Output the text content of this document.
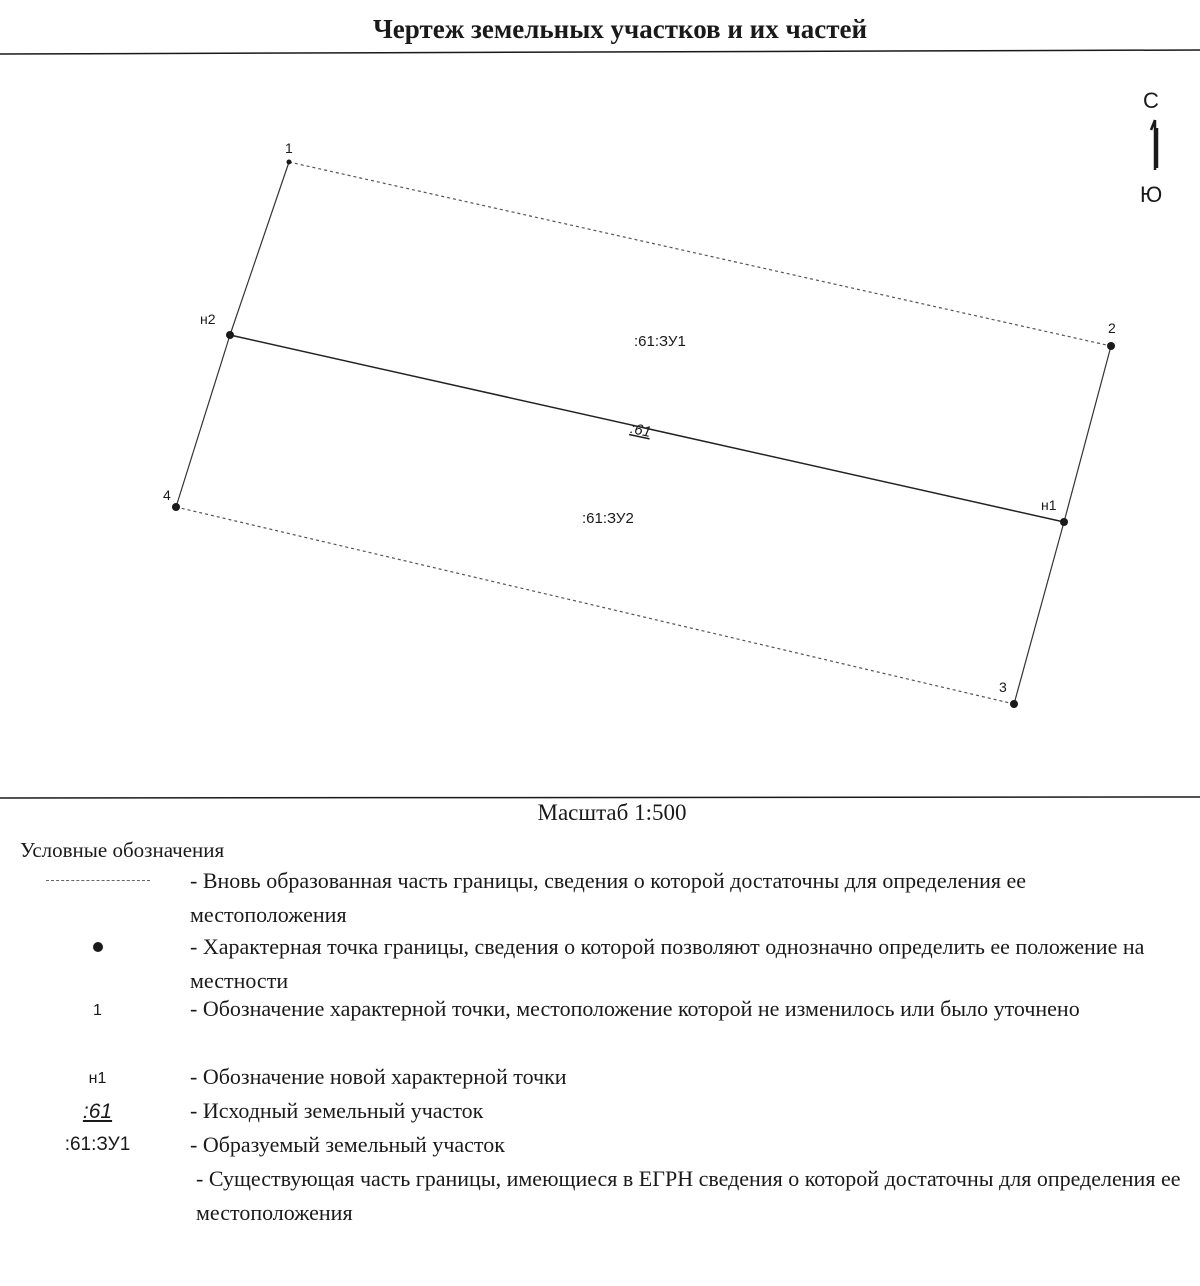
Чертеж земельных участков и их частей
1
2
3
4
н1
н2
:61:ЗУ1
:61:ЗУ2
:61
С
Ю
Масштаб 1:500
Условные обозначения
- Вновь образованная часть границы, сведения о которой достаточны для определения ее местоположения
- Характерная точка границы, сведения о которой позволяют однозначно определить ее положение на местности
1	- Обозначение характерной точки, местоположение которой не изменилось или было уточнено
н1	- Обозначение новой характерной точки
:61	- Исходный земельный участок
:61:ЗУ1	- Образуемый земельный участок
- Существующая часть границы, имеющиеся в ЕГРН сведения о которой достаточны для определения ее местоположения
